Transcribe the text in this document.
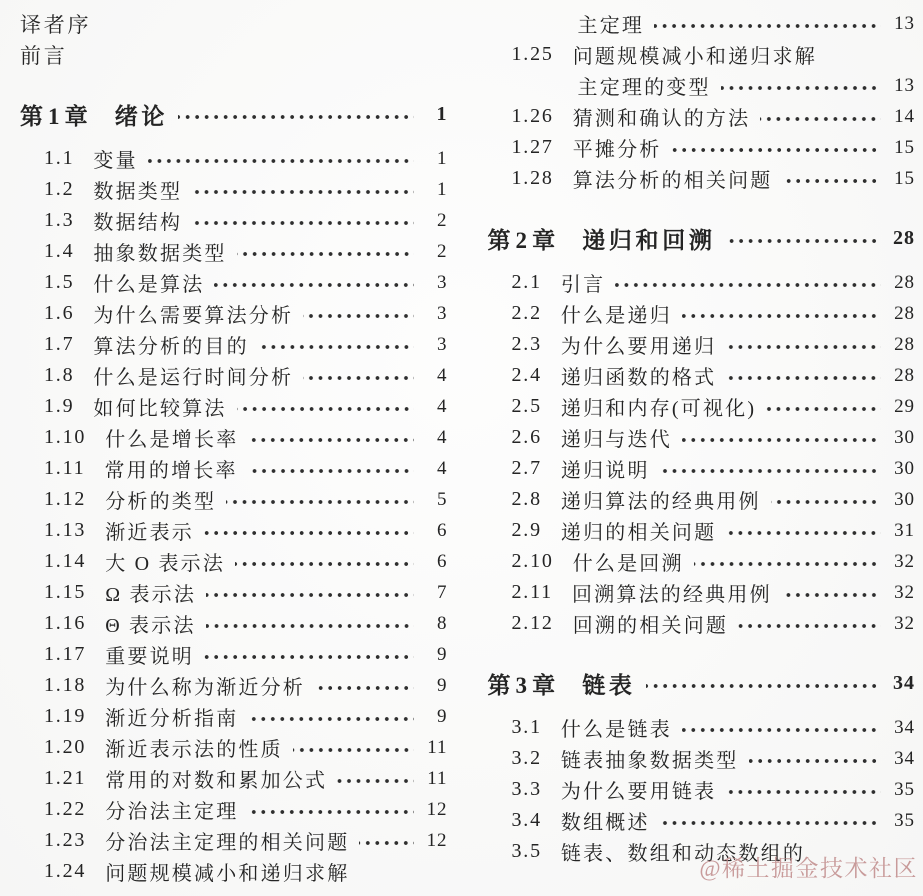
译者序
前言
第1章 绪论	1
1.1 变量	1
1.2 数据类型	1
1.3 数据结构	2
1.4 抽象数据类型	2
1.5 什么是算法	3
1.6 为什么需要算法分析	3
1.7 算法分析的目的	3
1.8 什么是运行时间分析	4
1.9 如何比较算法	4
1.10 什么是增长率	4
1.11 常用的增长率	4
1.12 分析的类型	5
1.13 渐近表示	6
1.14 大 O 表示法	6
1.15 Ω 表示法	7
1.16 Θ 表示法	8
1.17 重要说明	9
1.18 为什么称为渐近分析	9
1.19 渐近分析指南	9
1.20 渐近表示法的性质	11
1.21 常用的对数和累加公式	11
1.22 分治法主定理	12
1.23 分治法主定理的相关问题	12
1.24 问题规模减小和递归求解
主定理	13
1.25 问题规模减小和递归求解
主定理的变型	13
1.26 猜测和确认的方法	14
1.27 平摊分析	15
1.28 算法分析的相关问题	15
第2章 递归和回溯	28
2.1 引言	28
2.2 什么是递归	28
2.3 为什么要用递归	28
2.4 递归函数的格式	28
2.5 递归和内存(可视化)	29
2.6 递归与迭代	30
2.7 递归说明	30
2.8 递归算法的经典用例	30
2.9 递归的相关问题	31
2.10 什么是回溯	32
2.11 回溯算法的经典用例	32
2.12 回溯的相关问题	32
第3章 链表	34
3.1 什么是链表	34
3.2 链表抽象数据类型	34
3.3 为什么要用链表	35
3.4 数组概述	35
3.5 链表、数组和动态数组的
@稀土掘金技术社区
